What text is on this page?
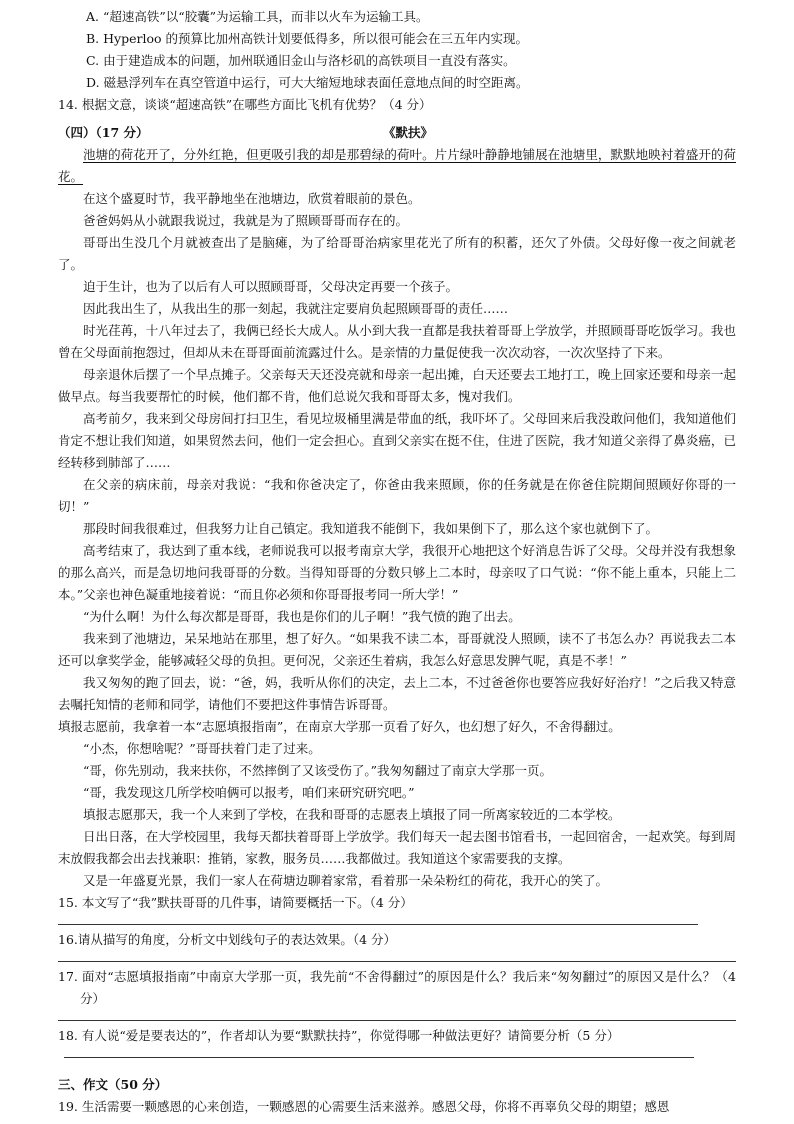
A. “超速高铁”以“胶囊”为运输工具，而非以火车为运输工具。

B. Hyperloo 的预算比加州高铁计划要低得多，所以很可能会在三五年内实现。

C. 由于建造成本的问题，加州联通旧金山与洛杉矶的高铁项目一直没有落实。

D. 磁悬浮列车在真空管道中运行，可大大缩短地球表面任意地点间的时空距离。

14. 根据文意，谈谈“超速高铁”在哪些方面比飞机有优势？（4 分）

（四）（17 分）	《默扶》

池塘的荷花开了，分外红艳，但更吸引我的却是那碧绿的荷叶。片片绿叶静静地铺展在池塘里，默默地映衬着盛开的荷花。

在这个盛夏时节，我平静地坐在池塘边，欣赏着眼前的景色。

爸爸妈妈从小就跟我说过，我就是为了照顾哥哥而存在的。

哥哥出生没几个月就被查出了是脑瘫，为了给哥哥治病家里花光了所有的积蓄，还欠了外债。父母好像一夜之间就老了。

迫于生计，也为了以后有人可以照顾哥哥，父母决定再要一个孩子。

因此我出生了，从我出生的那一刻起，我就注定要肩负起照顾哥哥的责任……

时光荏苒，十八年过去了，我俩已经长大成人。从小到大我一直都是我扶着哥哥上学放学，并照顾哥哥吃饭学习。我也曾在父母面前抱怨过，但却从未在哥哥面前流露过什么。是亲情的力量促使我一次次动容，一次次坚持了下来。

母亲退休后摆了一个早点摊子。父亲每天天还没亮就和母亲一起出摊，白天还要去工地打工，晚上回家还要和母亲一起做早点。每当我要帮忙的时候，他们都不肯，他们总说欠我和哥哥太多，愧对我们。

高考前夕，我来到父母房间打扫卫生，看见垃圾桶里满是带血的纸，我吓坏了。父母回来后我没敢问他们，我知道他们肯定不想让我们知道，如果贸然去问，他们一定会担心。直到父亲实在挺不住，住进了医院，我才知道父亲得了鼻炎癌，已经转移到肺部了……

在父亲的病床前，母亲对我说：“我和你爸决定了，你爸由我来照顾，你的任务就是在你爸住院期间照顾好你哥的一切！”

那段时间我很难过，但我努力让自己镇定。我知道我不能倒下，我如果倒下了，那么这个家也就倒下了。

高考结束了，我达到了重本线，老师说我可以报考南京大学，我很开心地把这个好消息告诉了父母。父母并没有我想象的那么高兴，而是急切地问我哥哥的分数。当得知哥哥的分数只够上二本时，母亲叹了口气说：“你不能上重本，只能上二本。”父亲也神色凝重地接着说：“而且你必须和你哥哥报考同一所大学！”

“为什么啊！为什么每次都是哥哥，我也是你们的儿子啊！”我气愤的跑了出去。

我来到了池塘边，呆呆地站在那里，想了好久。“如果我不读二本，哥哥就没人照顾，读不了书怎么办？再说我去二本还可以拿奖学金，能够减轻父母的负担。更何况，父亲还生着病，我怎么好意思发脾气呢，真是不孝！”

我又匆匆的跑了回去，说：“爸，妈，我听从你们的决定，去上二本，不过爸爸你也要答应我好好治疗！”之后我又特意去嘱托知情的老师和同学，请他们不要把这件事情告诉哥哥。

填报志愿前，我拿着一本“志愿填报指南”，在南京大学那一页看了好久，也幻想了好久，不舍得翻过。

“小杰，你想啥呢？”哥哥扶着门走了过来。

“哥，你先别动，我来扶你，不然摔倒了又该受伤了。”我匆匆翻过了南京大学那一页。

“哥，我发现这几所学校咱俩可以报考，咱们来研究研究吧。”

填报志愿那天，我一个人来到了学校，在我和哥哥的志愿表上填报了同一所离家较近的二本学校。

日出日落，在大学校园里，我每天都扶着哥哥上学放学。我们每天一起去图书馆看书，一起回宿舍，一起欢笑。每到周末放假我都会出去找兼职：推销，家教，服务员……我都做过。我知道这个家需要我的支撑。

又是一年盛夏光景，我们一家人在荷塘边聊着家常，看着那一朵朵粉红的荷花，我开心的笑了。

15. 本文写了“我”默扶哥哥的几件事，请简要概括一下。（4 分）

16.请从描写的角度，分析文中划线句子的表达效果。（4 分）

17. 面对“志愿填报指南”中南京大学那一页，我先前“不舍得翻过”的原因是什么？我后来“匆匆翻过”的原因又是什么？（4 分）

18. 有人说“爱是要表达的”，作者却认为要“默默扶持”，你觉得哪一种做法更好？请简要分析（5 分）

三、作文（50 分）

19. 生活需要一颗感恩的心来创造，一颗感恩的心需要生活来滋养。感恩父母，你将不再辜负父母的期望；感恩
